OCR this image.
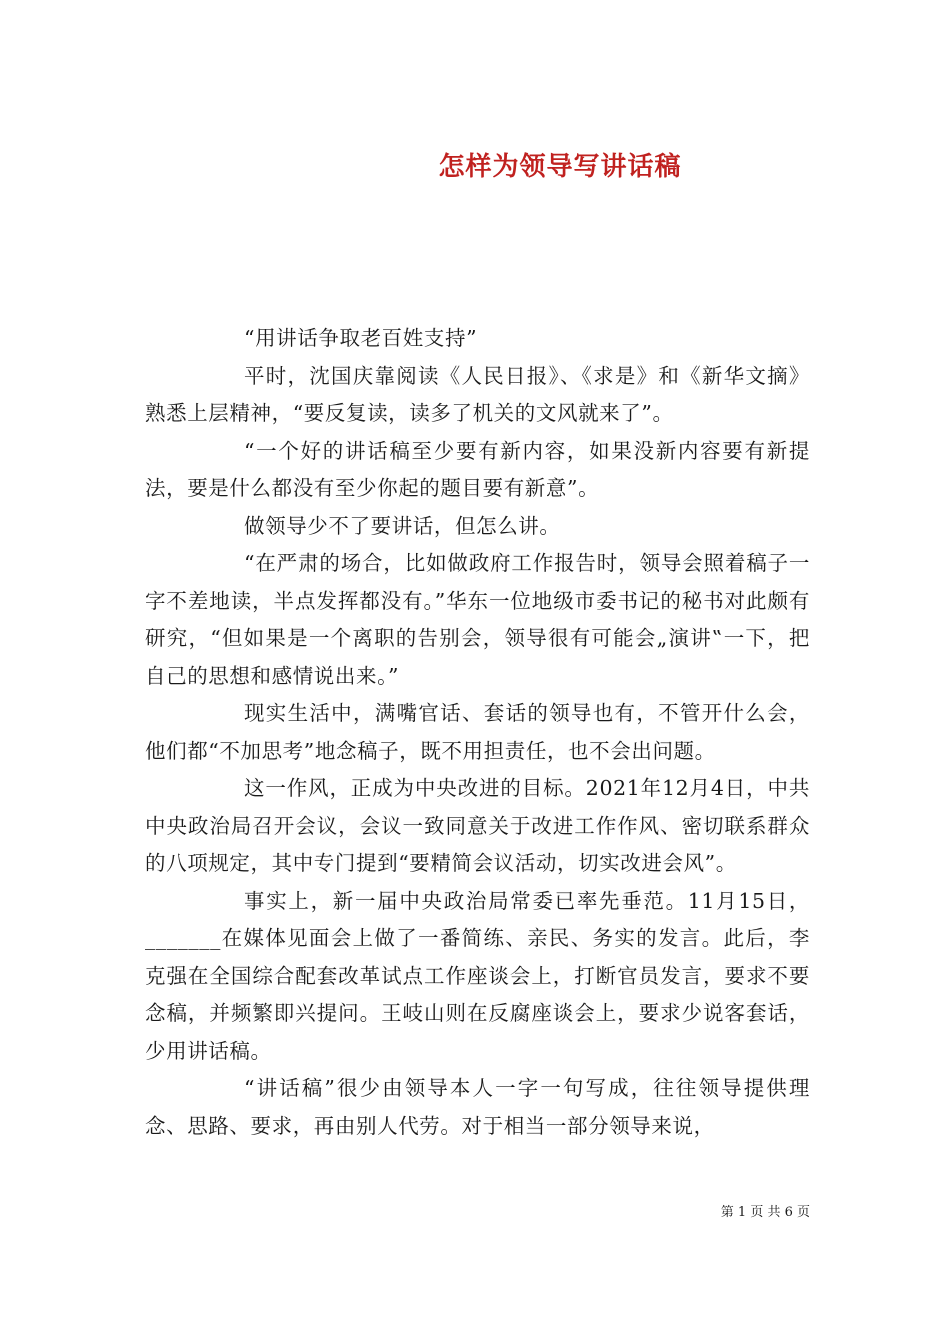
怎样为领导写讲话稿

“用讲话争取老百姓支持”

平时，沈国庆靠阅读《人民日报》、《求是》和《新华文摘》熟悉上层精神，“要反复读，读多了机关的文风就来了”。

“一个好的讲话稿至少要有新内容，如果没新内容要有新提法，要是什么都没有至少你起的题目要有新意”。

做领导少不了要讲话，但怎么讲。

“在严肃的场合，比如做政府工作报告时，领导会照着稿子一字不差地读，半点发挥都没有。”华东一位地级市委书记的秘书对此颇有研究，“但如果是一个离职的告别会，领导很有可能会„演讲‟一下，把自己的思想和感情说出来。”

现实生活中，满嘴官话、套话的领导也有，不管开什么会，他们都“不加思考”地念稿子，既不用担责任，也不会出问题。

这一作风，正成为中央改进的目标。2021年12月4日，中共中央政治局召开会议，会议一致同意关于改进工作作风、密切联系群众的八项规定，其中专门提到“要精简会议活动，切实改进会风”。

事实上，新一届中央政治局常委已率先垂范。11月15日，_______在媒体见面会上做了一番简练、亲民、务实的发言。此后，李克强在全国综合配套改革试点工作座谈会上，打断官员发言，要求不要念稿，并频繁即兴提问。王岐山则在反腐座谈会上，要求少说客套话，少用讲话稿。

“讲话稿”很少由领导本人一字一句写成，往往领导提供理念、思路、要求，再由别人代劳。对于相当一部分领导来说，

第 1 页 共 6 页
